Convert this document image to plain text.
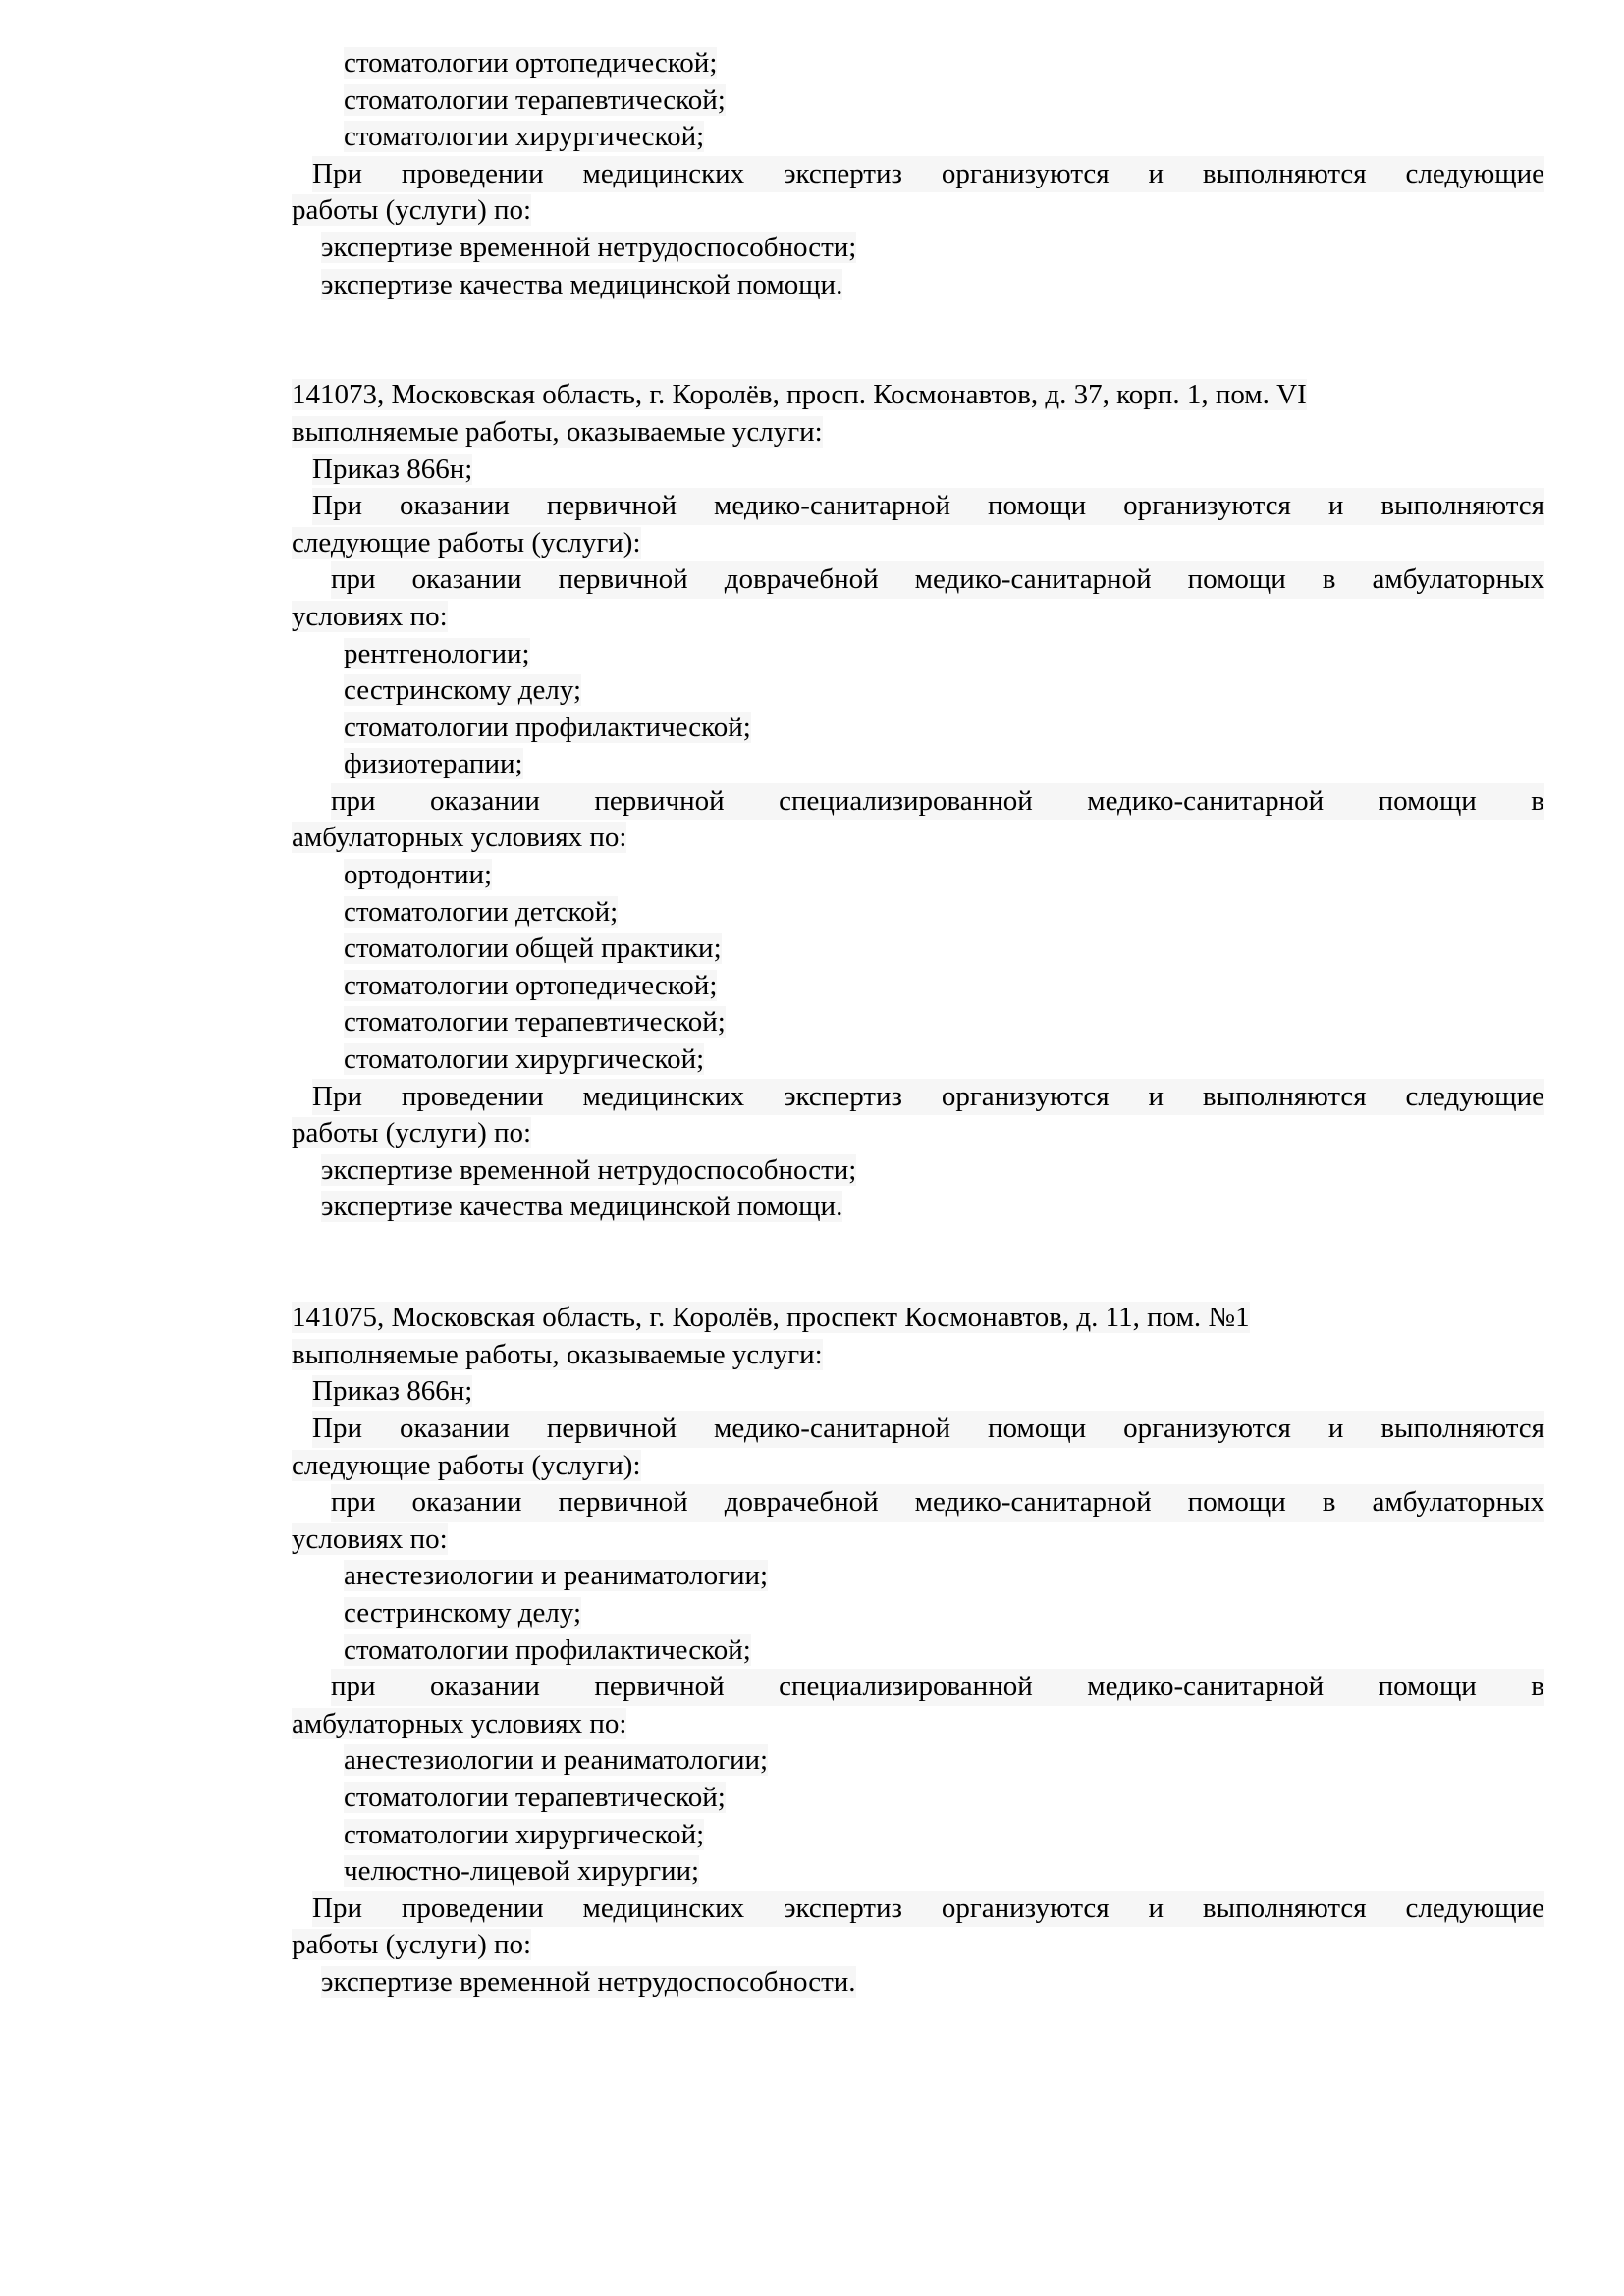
стоматологии ортопедической;
стоматологии терапевтической;
стоматологии хирургической;
При проведении медицинских экспертиз организуются и выполняются следующие
работы (услуги) по:
экспертизе временной нетрудоспособности;
экспертизе качества медицинской помощи.
141073, Московская область, г. Королёв, просп. Космонавтов, д. 37, корп. 1, пом. VI
выполняемые работы, оказываемые услуги:
Приказ 866н;
При оказании первичной медико-санитарной помощи организуются и выполняются
следующие работы (услуги):
при оказании первичной доврачебной медико-санитарной помощи в амбулаторных
условиях по:
рентгенологии;
сестринскому делу;
стоматологии профилактической;
физиотерапии;
при оказании первичной специализированной медико-санитарной помощи в
амбулаторных условиях по:
ортодонтии;
стоматологии детской;
стоматологии общей практики;
стоматологии ортопедической;
стоматологии терапевтической;
стоматологии хирургической;
При проведении медицинских экспертиз организуются и выполняются следующие
работы (услуги) по:
экспертизе временной нетрудоспособности;
экспертизе качества медицинской помощи.
141075, Московская область, г. Королёв, проспект Космонавтов, д. 11, пом. №1
выполняемые работы, оказываемые услуги:
Приказ 866н;
При оказании первичной медико-санитарной помощи организуются и выполняются
следующие работы (услуги):
при оказании первичной доврачебной медико-санитарной помощи в амбулаторных
условиях по:
анестезиологии и реаниматологии;
сестринскому делу;
стоматологии профилактической;
при оказании первичной специализированной медико-санитарной помощи в
амбулаторных условиях по:
анестезиологии и реаниматологии;
стоматологии терапевтической;
стоматологии хирургической;
челюстно-лицевой хирургии;
При проведении медицинских экспертиз организуются и выполняются следующие
работы (услуги) по:
экспертизе временной нетрудоспособности.
